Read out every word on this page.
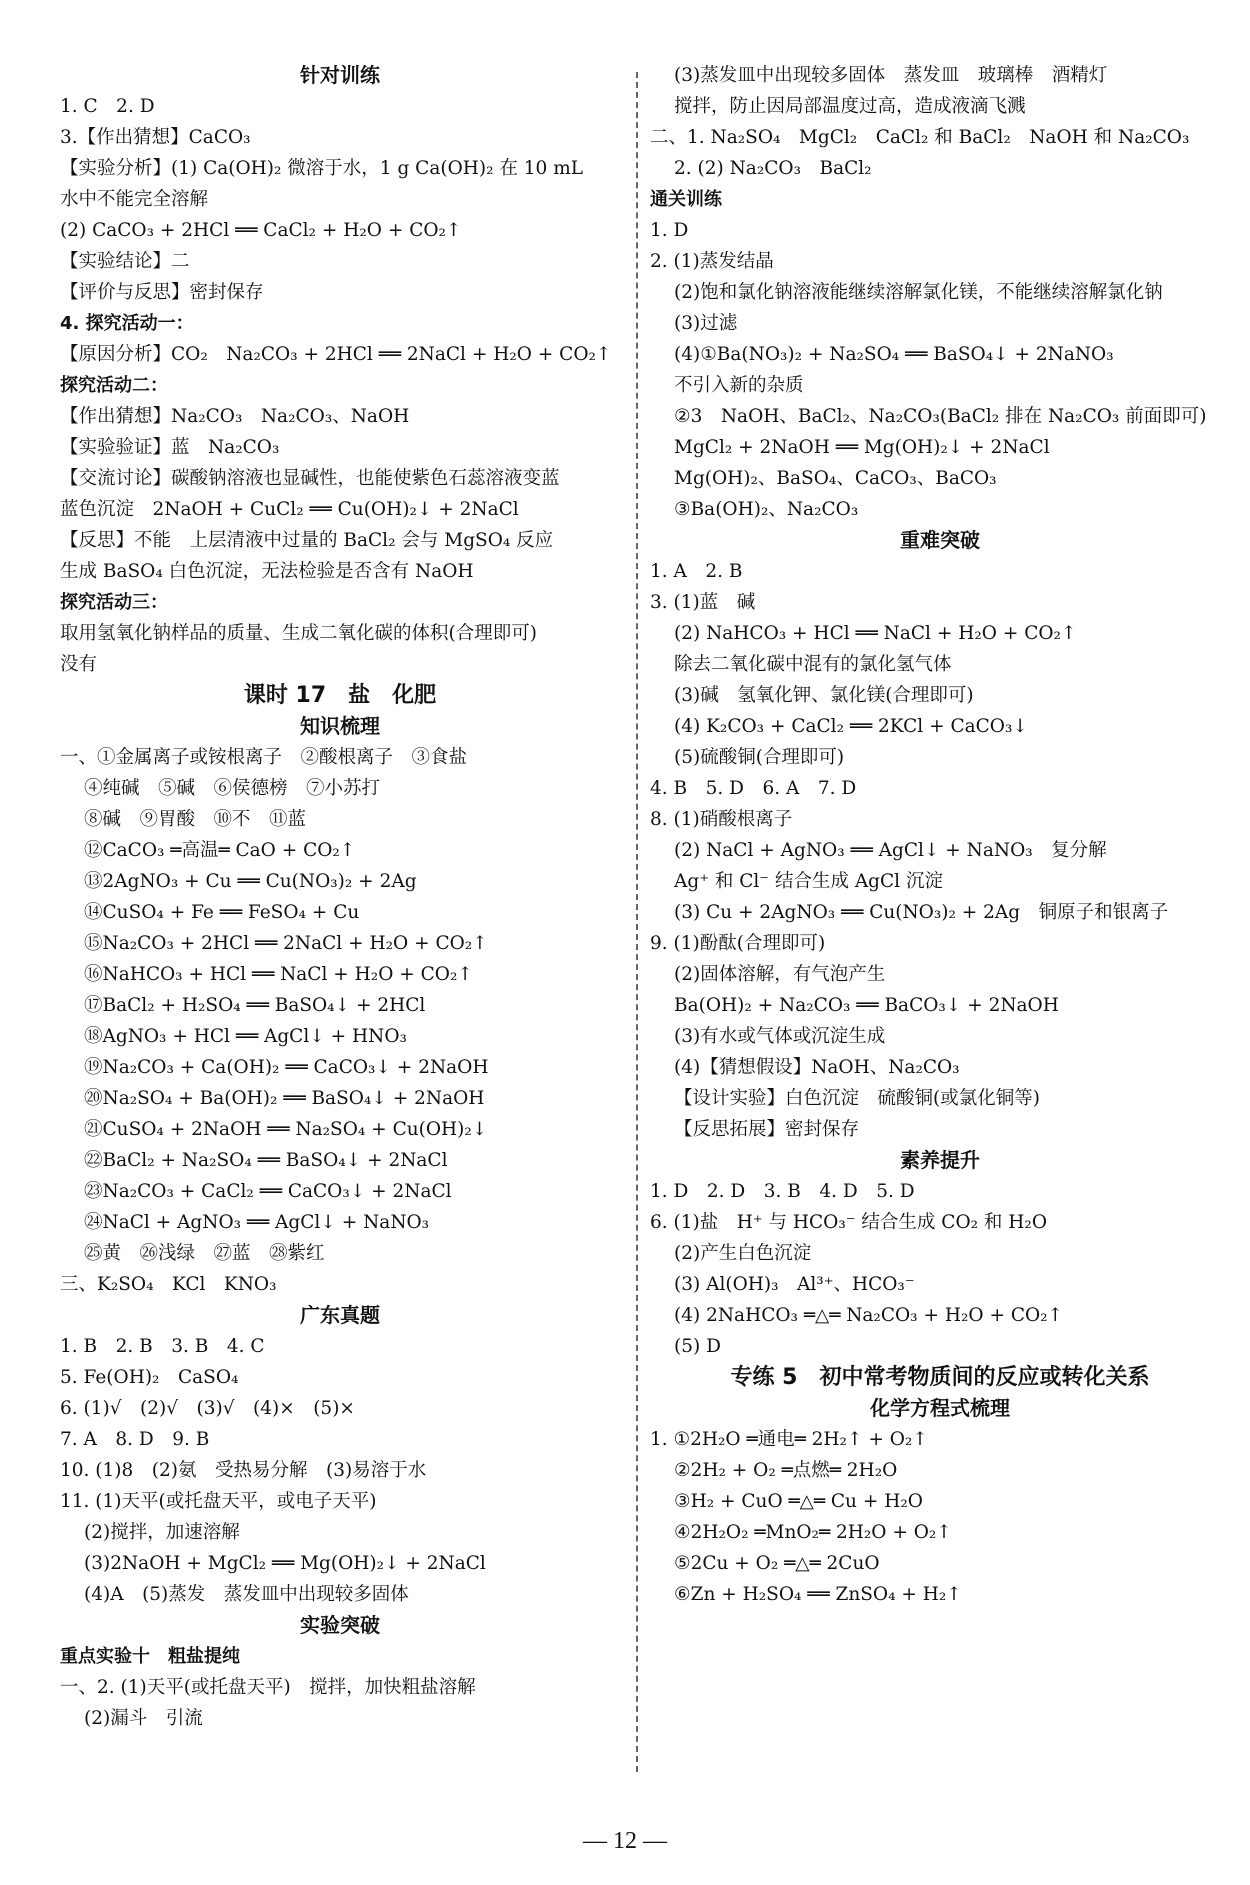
针对训练
1. C　2. D
3.【作出猜想】CaCO₃
【实验分析】(1) Ca(OH)₂ 微溶于水，1 g Ca(OH)₂ 在 10 mL
水中不能完全溶解
(2) CaCO₃ + 2HCl ══ CaCl₂ + H₂O + CO₂↑
【实验结论】二
【评价与反思】密封保存
4. 探究活动一：
【原因分析】CO₂　Na₂CO₃ + 2HCl ══ 2NaCl + H₂O + CO₂↑
探究活动二：
【作出猜想】Na₂CO₃　Na₂CO₃、NaOH
【实验验证】蓝　Na₂CO₃
【交流讨论】碳酸钠溶液也显碱性，也能使紫色石蕊溶液变蓝
蓝色沉淀　2NaOH + CuCl₂ ══ Cu(OH)₂↓ + 2NaCl
【反思】不能　上层清液中过量的 BaCl₂ 会与 MgSO₄ 反应
生成 BaSO₄ 白色沉淀，无法检验是否含有 NaOH
探究活动三：
取用氢氧化钠样品的质量、生成二氧化碳的体积(合理即可)
没有
课时 17　盐　化肥
知识梳理
一、①金属离子或铵根离子　②酸根离子　③食盐
④纯碱　⑤碱　⑥侯德榜　⑦小苏打
⑧碱　⑨胃酸　⑩不　⑪蓝
⑫CaCO₃ ═高温═ CaO + CO₂↑
⑬2AgNO₃ + Cu ══ Cu(NO₃)₂ + 2Ag
⑭CuSO₄ + Fe ══ FeSO₄ + Cu
⑮Na₂CO₃ + 2HCl ══ 2NaCl + H₂O + CO₂↑
⑯NaHCO₃ + HCl ══ NaCl + H₂O + CO₂↑
⑰BaCl₂ + H₂SO₄ ══ BaSO₄↓ + 2HCl
⑱AgNO₃ + HCl ══ AgCl↓ + HNO₃
⑲Na₂CO₃ + Ca(OH)₂ ══ CaCO₃↓ + 2NaOH
⑳Na₂SO₄ + Ba(OH)₂ ══ BaSO₄↓ + 2NaOH
㉑CuSO₄ + 2NaOH ══ Na₂SO₄ + Cu(OH)₂↓
㉒BaCl₂ + Na₂SO₄ ══ BaSO₄↓ + 2NaCl
㉓Na₂CO₃ + CaCl₂ ══ CaCO₃↓ + 2NaCl
㉔NaCl + AgNO₃ ══ AgCl↓ + NaNO₃
㉕黄　㉖浅绿　㉗蓝　㉘紫红
三、K₂SO₄　KCl　KNO₃
广东真题
1. B　2. B　3. B　4. C
5. Fe(OH)₂　CaSO₄
6. (1)√　(2)√　(3)√　(4)×　(5)×
7. A　8. D　9. B
10. (1)8　(2)氨　受热易分解　(3)易溶于水
11. (1)天平(或托盘天平，或电子天平)
(2)搅拌，加速溶解
(3)2NaOH + MgCl₂ ══ Mg(OH)₂↓ + 2NaCl
(4)A　(5)蒸发　蒸发皿中出现较多固体
实验突破
重点实验十　粗盐提纯
一、2. (1)天平(或托盘天平)　搅拌，加快粗盐溶解
(2)漏斗　引流
(3)蒸发皿中出现较多固体　蒸发皿　玻璃棒　酒精灯
搅拌，防止因局部温度过高，造成液滴飞溅
二、1. Na₂SO₄　MgCl₂　CaCl₂ 和 BaCl₂　NaOH 和 Na₂CO₃
2. (2) Na₂CO₃　BaCl₂
通关训练
1. D
2. (1)蒸发结晶
(2)饱和氯化钠溶液能继续溶解氯化镁，不能继续溶解氯化钠
(3)过滤
(4)①Ba(NO₃)₂ + Na₂SO₄ ══ BaSO₄↓ + 2NaNO₃
不引入新的杂质
②3　NaOH、BaCl₂、Na₂CO₃(BaCl₂ 排在 Na₂CO₃ 前面即可)
MgCl₂ + 2NaOH ══ Mg(OH)₂↓ + 2NaCl
Mg(OH)₂、BaSO₄、CaCO₃、BaCO₃
③Ba(OH)₂、Na₂CO₃
重难突破
1. A　2. B
3. (1)蓝　碱
(2) NaHCO₃ + HCl ══ NaCl + H₂O + CO₂↑
除去二氧化碳中混有的氯化氢气体
(3)碱　氢氧化钾、氯化镁(合理即可)
(4) K₂CO₃ + CaCl₂ ══ 2KCl + CaCO₃↓
(5)硫酸铜(合理即可)
4. B　5. D　6. A　7. D
8. (1)硝酸根离子
(2) NaCl + AgNO₃ ══ AgCl↓ + NaNO₃　复分解
Ag⁺ 和 Cl⁻ 结合生成 AgCl 沉淀
(3) Cu + 2AgNO₃ ══ Cu(NO₃)₂ + 2Ag　铜原子和银离子
9. (1)酚酞(合理即可)
(2)固体溶解，有气泡产生
Ba(OH)₂ + Na₂CO₃ ══ BaCO₃↓ + 2NaOH
(3)有水或气体或沉淀生成
(4)【猜想假设】NaOH、Na₂CO₃
【设计实验】白色沉淀　硫酸铜(或氯化铜等)
【反思拓展】密封保存
素养提升
1. D　2. D　3. B　4. D　5. D
6. (1)盐　H⁺ 与 HCO₃⁻ 结合生成 CO₂ 和 H₂O
(2)产生白色沉淀
(3) Al(OH)₃　Al³⁺、HCO₃⁻
(4) 2NaHCO₃ ═△═ Na₂CO₃ + H₂O + CO₂↑
(5) D
专练 5　初中常考物质间的反应或转化关系
化学方程式梳理
1. ①2H₂O ═通电═ 2H₂↑ + O₂↑
②2H₂ + O₂ ═点燃═ 2H₂O
③H₂ + CuO ═△═ Cu + H₂O
④2H₂O₂ ═MnO₂═ 2H₂O + O₂↑
⑤2Cu + O₂ ═△═ 2CuO
⑥Zn + H₂SO₄ ══ ZnSO₄ + H₂↑
— 12 —
